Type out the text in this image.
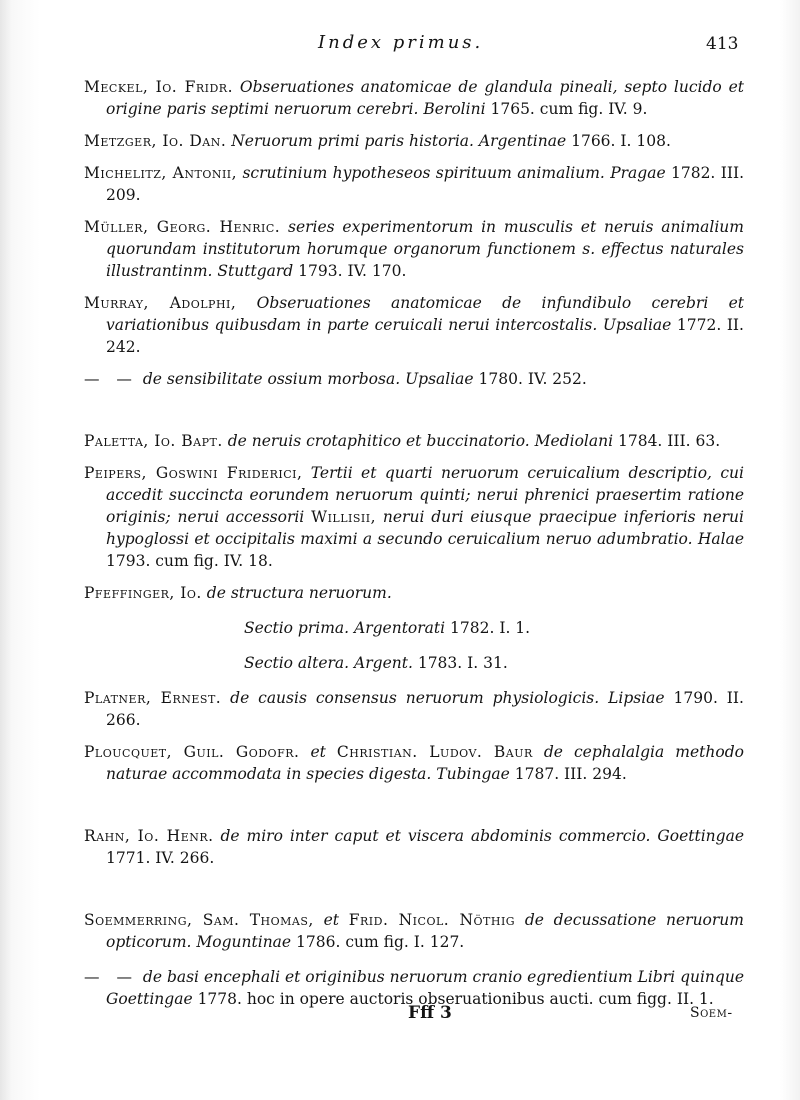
Index primus.	413
Meckel, Io. Fridr. Obseruationes anatomicae de glandula pineali, septo lucido et origine paris septimi neruorum cerebri. Berolini 1765. cum fig. IV. 9.
Metzger, Io. Dan. Neruorum primi paris historia. Argentinae 1766. I. 108.
Michelitz, Antonii, scrutinium hypotheseos spirituum animalium. Pragae 1782. III. 209.
Müller, Georg. Henric. series experimentorum in musculis et neruis animalium quorundam institutorum horumque organorum functionem s. effectus naturales illustrantinm. Stuttgard 1793. IV. 170.
Murray, Adolphi, Obseruationes anatomicae de infundibulo cerebri et variationibus quibusdam in parte ceruicali nerui intercostalis. Upsaliae 1772. II. 242.
— — de sensibilitate ossium morbosa. Upsaliae 1780. IV. 252.
Paletta, Io. Bapt. de neruis crotaphitico et buccinatorio. Mediolani 1784. III. 63.
Peipers, Goswini Friderici, Tertii et quarti neruorum ceruicalium descriptio, cui accedit succincta eorundem neruorum quinti; nerui phrenici praesertim ratione originis; nerui accessorii Willisii, nerui duri eiusque praecipue inferioris nerui hypoglossi et occipitalis maximi a secundo ceruicalium neruo adumbratio. Halae 1793. cum fig. IV. 18.
Pfeffinger, Io. de structura neruorum.
Sectio prima. Argentorati 1782. I. 1.
Sectio altera. Argent. 1783. I. 31.
Platner, Ernest. de causis consensus neruorum physiologicis. Lipsiae 1790. II. 266.
Ploucquet, Guil. Godofr. et Christian. Ludov. Baur de cephalalgia methodo naturae accommodata in species digesta. Tubingae 1787. III. 294.
Rahn, Io. Henr. de miro inter caput et viscera abdominis commercio. Goettingae 1771. IV. 266.
Soemmerring, Sam. Thomas, et Frid. Nicol. Nöthig de decussatione neruorum opticorum. Moguntinae 1786. cum fig. I. 127.
— — de basi encephali et originibus neruorum cranio egredientium Libri quinque Goettingae 1778. hoc in opere auctoris obseruationibus aucti. cum figg. II. 1.
Fff 3	Soem-
